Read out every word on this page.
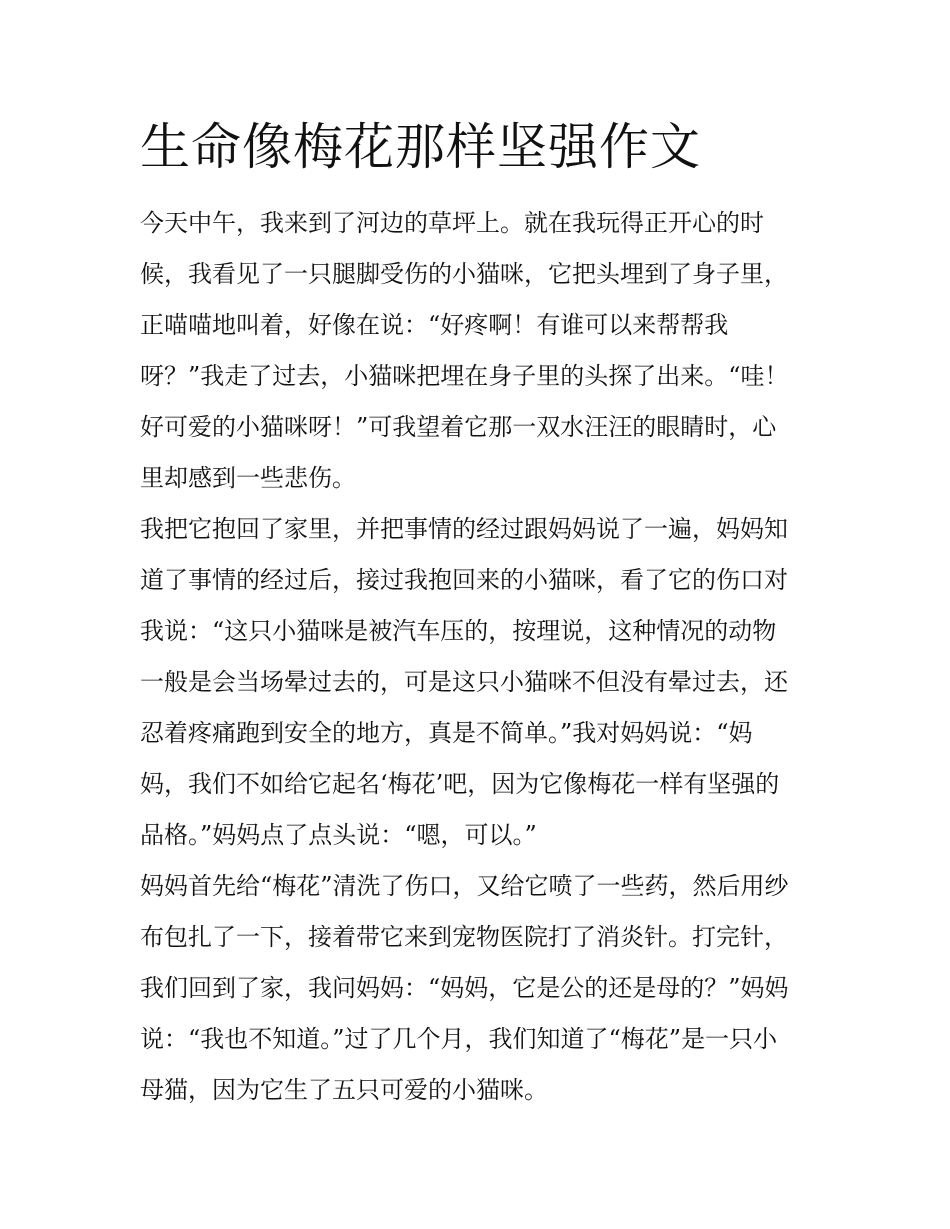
生命像梅花那样坚强作文

今天中午，我来到了河边的草坪上。就在我玩得正开心的时

候，我看见了一只腿脚受伤的小猫咪，它把头埋到了身子里，

正喵喵地叫着，好像在说：“好疼啊！有谁可以来帮帮我

呀？”我走了过去，小猫咪把埋在身子里的头探了出来。“哇！

好可爱的小猫咪呀！”可我望着它那一双水汪汪的眼睛时，心

里却感到一些悲伤。

我把它抱回了家里，并把事情的经过跟妈妈说了一遍，妈妈知

道了事情的经过后，接过我抱回来的小猫咪，看了它的伤口对

我说：“这只小猫咪是被汽车压的，按理说，这种情况的动物

一般是会当场晕过去的，可是这只小猫咪不但没有晕过去，还

忍着疼痛跑到安全的地方，真是不简单。”我对妈妈说：“妈

妈，我们不如给它起名‘梅花’吧，因为它像梅花一样有坚强的

品格。”妈妈点了点头说：“嗯，可以。”

妈妈首先给“梅花”清洗了伤口，又给它喷了一些药，然后用纱

布包扎了一下，接着带它来到宠物医院打了消炎针。打完针，

我们回到了家，我问妈妈：“妈妈，它是公的还是母的？”妈妈

说：“我也不知道。”过了几个月，我们知道了“梅花”是一只小

母猫，因为它生了五只可爱的小猫咪。
